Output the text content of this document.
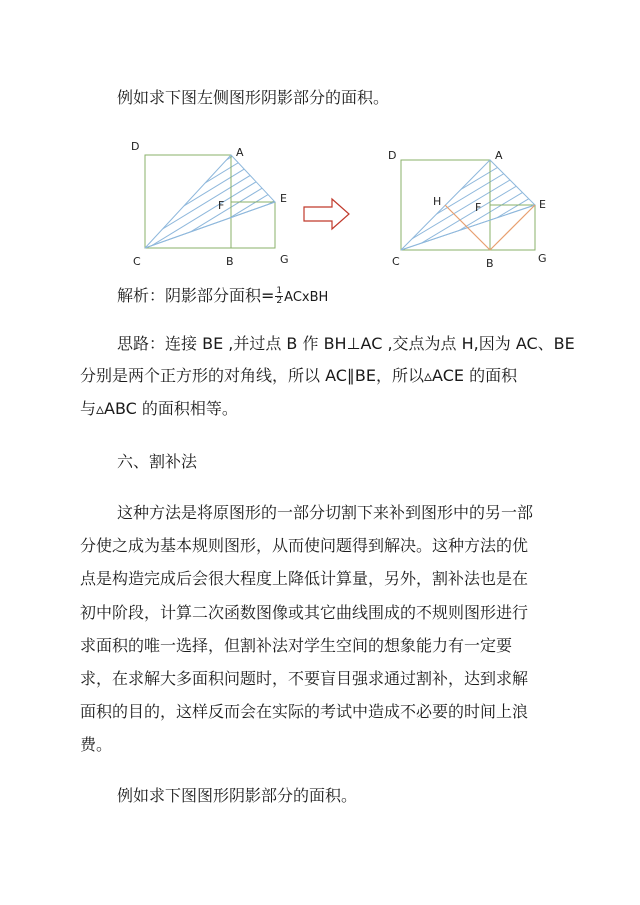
例如求下图左侧图形阴影部分的面积。
D	A
F
E
C	B	G
D	A
H	F	E
C	B	G
解析：阴影部分面积= $\frac{1}{2}$ ACxBH
思路：连接 BE ,并过点 B 作 BH⊥AC ,交点为点 H,因为 AC、BE
分别是两个正方形的对角线，所以 AC∥BE，所以▵ACE 的面积
与▵ABC 的面积相等。
六、割补法
这种方法是将原图形的一部分切割下来补到图形中的另一部
分使之成为基本规则图形，从而使问题得到解决。这种方法的优
点是构造完成后会很大程度上降低计算量，另外，割补法也是在
初中阶段，计算二次函数图像或其它曲线围成的不规则图形进行
求面积的唯一选择，但割补法对学生空间的想象能力有一定要
求，在求解大多面积问题时，不要盲目强求通过割补，达到求解
面积的目的，这样反而会在实际的考试中造成不必要的时间上浪
费。
例如求下图图形阴影部分的面积。
